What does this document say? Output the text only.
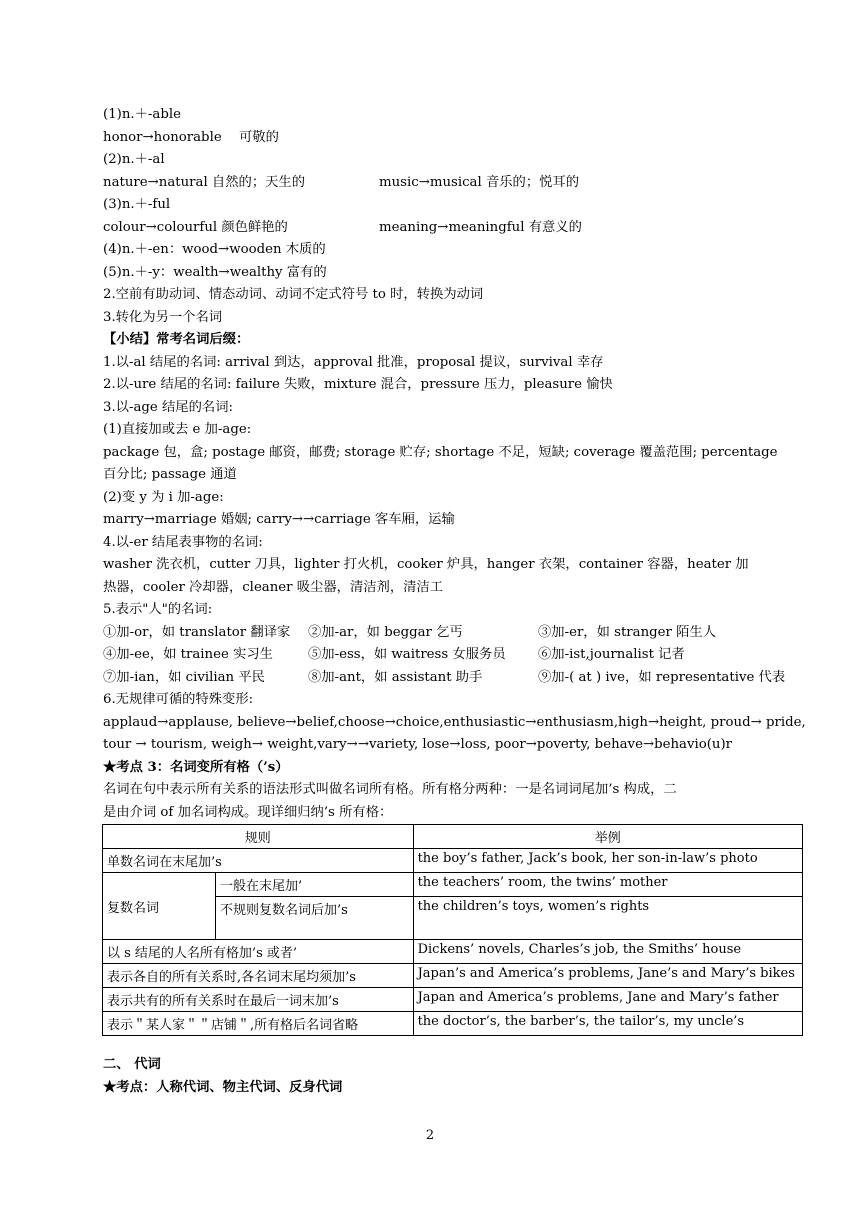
(1)n.＋-able
honor→honorable 可敬的
(2)n.＋-al
nature→natural 自然的；天生的	music→musical 音乐的；悦耳的
(3)n.＋-ful
colour→colourful 颜色鲜艳的	meaning→meaningful 有意义的
(4)n.＋-en：wood→wooden 木质的
(5)n.＋-y：wealth→wealthy 富有的
2.空前有助动词、情态动词、动词不定式符号 to 时，转换为动词
3.转化为另一个名词
【小结】常考名词后缀：
1.以-al 结尾的名词: arrival 到达，approval 批准，proposal 提议，survival 幸存
2.以-ure 结尾的名词: failure 失败，mixture 混合，pressure 压力，pleasure 愉快
3.以-age 结尾的名词:
(1)直接加或去 e 加-age:
package 包，盒; postage 邮资，邮费; storage 贮存; shortage 不足，短缺; coverage 覆盖范围; percentage
百分比; passage 通道
(2)变 y 为 i 加-age:
marry→marriage 婚姻; carry→→carriage 客车厢，运输
4.以-er 结尾表事物的名词:
washer 洗衣机，cutter 刀具，lighter 打火机，cooker 炉具，hanger 衣架，container 容器，heater 加
热器，cooler 冷却器，cleaner 吸尘器，清洁剂，清洁工
5.表示"人"的名词:
①加-or，如 translator 翻译家 ②加-ar，如 beggar 乞丐	③加-er，如 stranger 陌生人
④加-ee，如 trainee 实习生	⑤加-ess，如 waitress 女服务员 ⑥加-ist,journalist 记者
⑦加-ian，如 civilian 平民	⑧加-ant，如 assistant 助手	⑨加-( at ) ive，如 representative 代表
6.无规律可循的特殊变形:
applaud→applause, believe→belief,choose→choice,enthusiastic→enthusiasm,high→height, proud→ pride,
tour → tourism, weigh→ weight,vary→→variety, lose→loss, poor→poverty, behave→behavio(u)r
★考点 3：名词变所有格（’s）
名词在句中表示所有关系的语法形式叫做名词所有格。所有格分两种：一是名词词尾加’s 构成，二
是由介词 of 加名词构成。现详细归纳’s 所有格：
规则		举例
单数名词在末尾加’s		the boy’s father, Jack’s book, her son-in-law’s photo
复数名词	一般在末尾加’	the teachers’ room, the twins’ mother
	不规则复数名词后加’s	the children’s toys, women’s rights
以 s 结尾的人名所有格加’s 或者’		Dickens’ novels, Charles’s job, the Smiths’ house
表示各自的所有关系时,各名词末尾均须加’s		Japan’s and America’s problems, Jane’s and Mary’s bikes
表示共有的所有关系时在最后一词末加’s		Japan and America’s problems, Jane and Mary’s father
表示＂某人家＂＂店铺＂,所有格后名词省略		the doctor’s, the barber’s, the tailor’s, my uncle’s
二、 代词
★考点：人称代词、物主代词、反身代词
2
